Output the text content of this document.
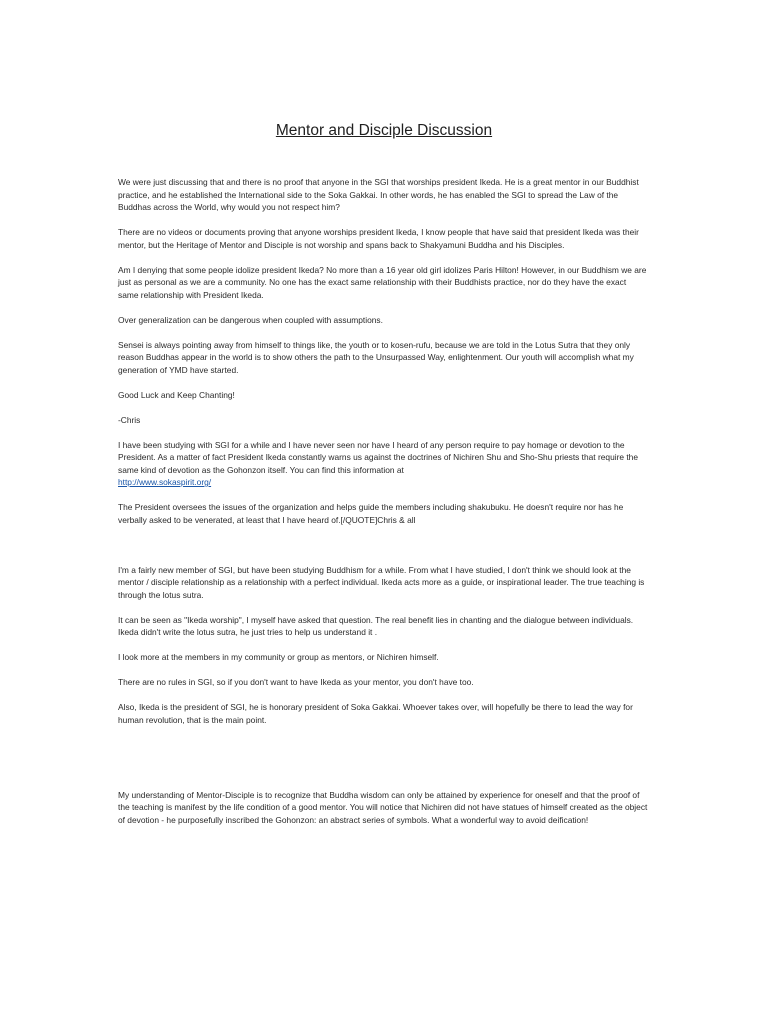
Mentor and Disciple Discussion

We were just discussing that and there is no proof that anyone in the SGI that worships president Ikeda. He is a great mentor in our Buddhist practice, and he established the International side to the Soka Gakkai. In other words, he has enabled the SGI to spread the Law of the Buddhas across the World, why would you not respect him?

There are no videos or documents proving that anyone worships president Ikeda, I know people that have said that president Ikeda was their mentor, but the Heritage of Mentor and Disciple is not worship and spans back to Shakyamuni Buddha and his Disciples.

Am I denying that some people idolize president Ikeda? No more than a 16 year old girl idolizes Paris Hilton! However, in our Buddhism we are just as personal as we are a community. No one has the exact same relationship with their Buddhists practice, nor do they have the exact same relationship with President Ikeda.

Over generalization can be dangerous when coupled with assumptions.

Sensei is always pointing away from himself to things like, the youth or to kosen-rufu, because we are told in the Lotus Sutra that they only reason Buddhas appear in the world is to show others the path to the Unsurpassed Way, enlightenment. Our youth will accomplish what my generation of YMD have started.

Good Luck and Keep Chanting!

-Chris

I have been studying with SGI for a while and I have never seen nor have I heard of any person require to pay homage or devotion to the President. As a matter of fact President Ikeda constantly warns us against the doctrines of Nichiren Shu and Sho-Shu priests that require the same kind of devotion as the Gohonzon itself. You can find this information at
http://www.sokaspirit.org/

The President oversees the issues of the organization and helps guide the members including shakubuku. He doesn't require nor has he verbally asked to be venerated, at least that I have heard of.[/QUOTE]Chris & all

I'm a fairly new member of SGI, but have been studying Buddhism for a while. From what I have studied, I don't think we should look at the mentor / disciple relationship as a relationship with a perfect individual. Ikeda acts more as a guide, or inspirational leader. The true teaching is through the lotus sutra.

It can be seen as "Ikeda worship", I myself have asked that question. The real benefit lies in chanting and the dialogue between individuals. Ikeda didn't write the lotus sutra, he just tries to help us understand it .

I look more at the members in my community or group as mentors, or Nichiren himself.

There are no rules in SGI, so if you don't want to have Ikeda as your mentor, you don't have too.

Also, Ikeda is the president of SGI, he is honorary president of Soka Gakkai. Whoever takes over, will hopefully be there to lead the way for human revolution, that is the main point.

My understanding of Mentor-Disciple is to recognize that Buddha wisdom can only be attained by experience for oneself and that the proof of the teaching is manifest by the life condition of a good mentor. You will notice that Nichiren did not have statues of himself created as the object of devotion - he purposefully inscribed the Gohonzon: an abstract series of symbols. What a wonderful way to avoid deification!
